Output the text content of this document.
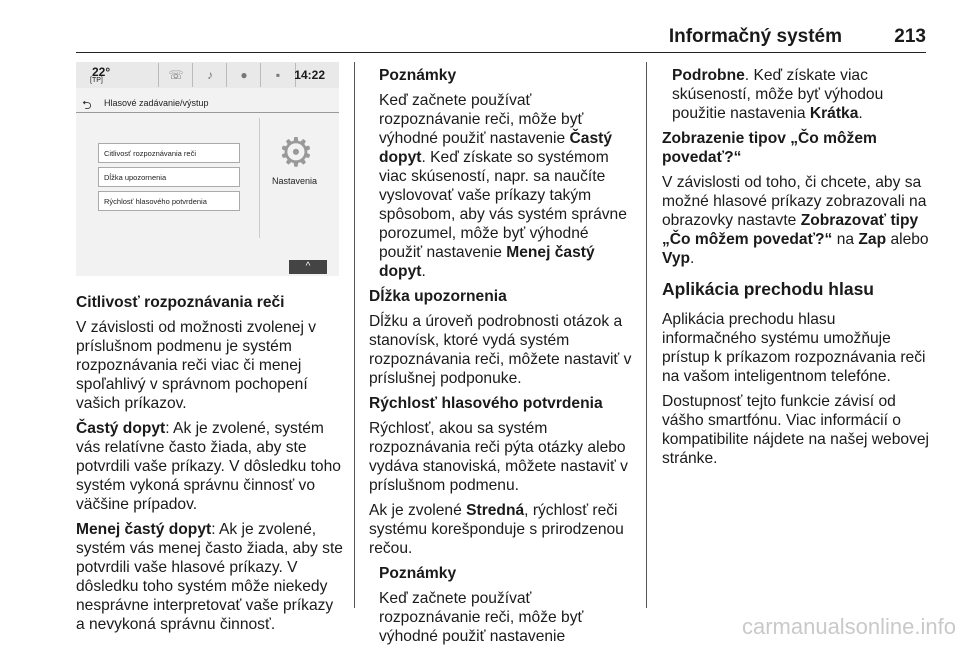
Informačný systém	213
22°
[TP]	☏	♪	●	▪	14:22
⮌ Hlasové zadávanie/výstup
Citlivosť rozpoznávania reči
Dĺžka upozornenia
Rýchlosť hlasového potvrdenia
⚙
Nastavenia
^

Citlivosť rozpoznávania reči

V závislosti od možnosti zvolenej v príslušnom podmenu je systém rozpoznávania reči viac či menej spoľahlivý v správnom pochopení vašich príkazov.

Častý dopyt: Ak je zvolené, systém vás relatívne často žiada, aby ste potvrdili vaše príkazy. V dôsledku toho systém vykoná správnu činnosť vo väčšine prípadov.

Menej častý dopyt: Ak je zvolené, systém vás menej často žiada, aby ste potvrdili vaše hlasové príkazy. V dôsledku toho systém môže niekedy nesprávne interpretovať vaše príkazy a nevykoná správnu činnosť.

Poznámky

Keď začnete používať rozpoznávanie reči, môže byť výhodné použiť nastavenie Častý dopyt. Keď získate so systémom viac skúseností, napr. sa naučíte vyslovovať vaše príkazy takým spôsobom, aby vás systém správne porozumel, môže byť výhodné použiť nastavenie Menej častý dopyt.

Dĺžka upozornenia

Dĺžku a úroveň podrobnosti otázok a stanovísk, ktoré vydá systém rozpoznávania reči, môžete nastaviť v príslušnej podponuke.

Rýchlosť hlasového potvrdenia

Rýchlosť, akou sa systém rozpoznávania reči pýta otázky alebo vydáva stanoviská, môžete nastaviť v príslušnom podmenu.

Ak je zvolené Stredná, rýchlosť reči systému korešponduje s prirodzenou rečou.

Poznámky

Keď začnete používať rozpoznávanie reči, môže byť výhodné použiť nastavenie

Podrobne. Keď získate viac skúseností, môže byť výhodou použitie nastavenia Krátka.

Zobrazenie tipov „Čo môžem povedať?“

V závislosti od toho, či chcete, aby sa možné hlasové príkazy zobrazovali na obrazovky nastavte Zobrazovať tipy „Čo môžem povedať?“ na Zap alebo Vyp.

Aplikácia prechodu hlasu

Aplikácia prechodu hlasu informačného systému umožňuje prístup k príkazom rozpoznávania reči na vašom inteligentnom telefóne.

Dostupnosť tejto funkcie závisí od vášho smartfónu. Viac informácií o kompatibilite nájdete na našej webovej stránke.

carmanualsonline.info
